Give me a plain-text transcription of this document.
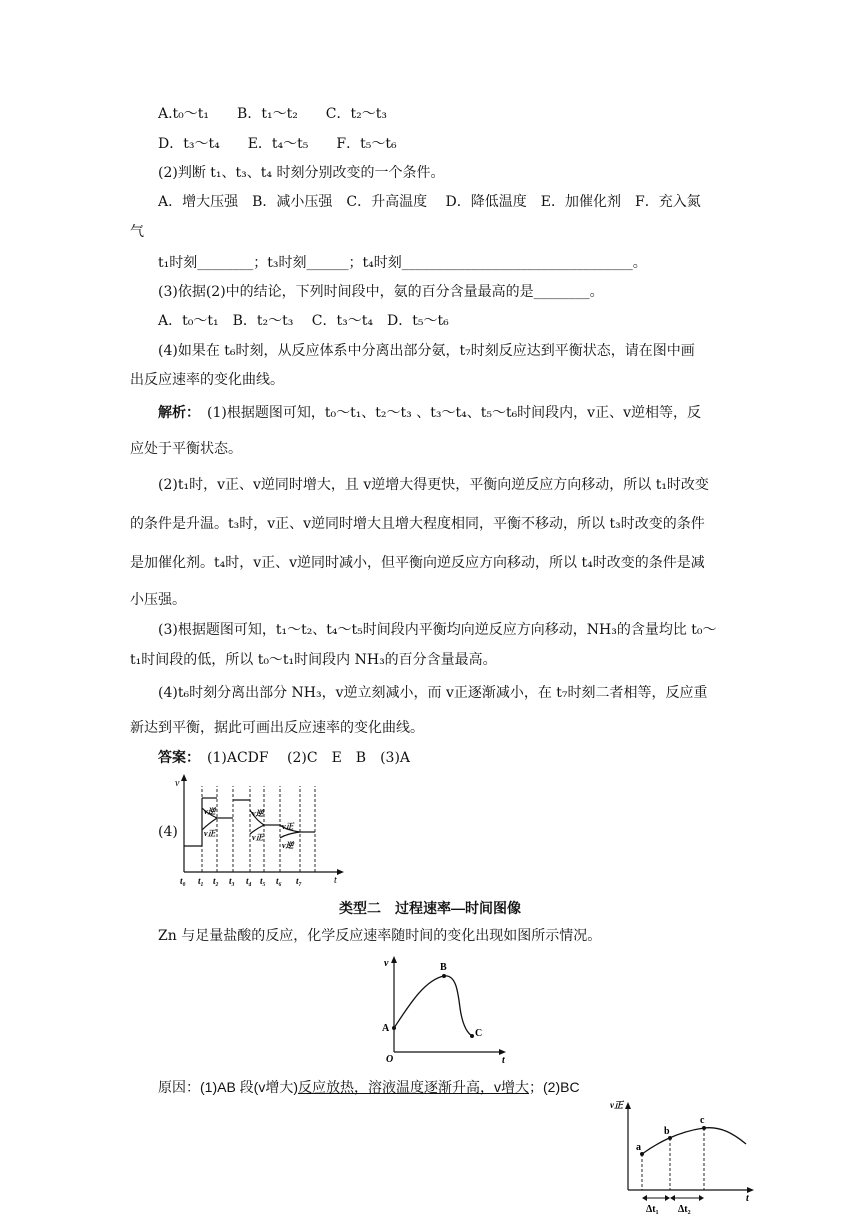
A.t₀～t₁　　B．t₁～t₂　　C．t₂～t₃
D．t₃～t₄　　E．t₄～t₅　　F．t₅～t₆
(2)判断 t₁、t₃、t₄ 时刻分别改变的一个条件。
A．增大压强　B．减小压强　C．升高温度　 D．降低温度　E．加催化剂　F．充入氮
气
t₁时刻________；t₃时刻______；t₄时刻_________________________________。
(3)依据(2)中的结论，下列时间段中，氨的百分含量最高的是________。
A．t₀～t₁　B．t₂～t₃　 C．t₃～t₄　D．t₅～t₆
(4)如果在 t₆时刻，从反应体系中分离出部分氨，t₇时刻反应达到平衡状态，请在图中画
出反应速率的变化曲线。
解析：　(1)根据题图可知，t₀～t₁、t₂～t₃ 、t₃～t₄、t₅～t₆时间段内，v正、v逆相等，反
应处于平衡状态。
(2)t₁时，v正、v逆同时增大，且 v逆增大得更快，平衡向逆反应方向移动，所以 t₁时改变
的条件是升温。t₃时，v正、v逆同时增大且增大程度相同，平衡不移动，所以 t₃时改变的条件
是加催化剂。t₄时，v正、v逆同时减小，但平衡向逆反应方向移动，所以 t₄时改变的条件是减
小压强。
(3)根据题图可知，t₁～t₂、t₄～t₅时间段内平衡均向逆反应方向移动，NH₃的含量均比 t₀～
t₁时间段的低，所以 t₀～t₁时间段内 NH₃的百分含量最高。
(4)t₆时刻分离出部分 NH₃，v逆立刻减小，而 v正逐渐减小，在 t₇时刻二者相等，反应重
新达到平衡，据此可画出反应速率的变化曲线。
答案：　(1)ACDF　 (2)C　E　B　(3)A
(4)
v
t
v逆
v正
v逆
v正
v正
v逆
t₀ t₁ t₂ t₃ t₄ t₅ t₆ t₇
类型二　过程速率—时间图像
Zn 与足量盐酸的反应，化学反应速率随时间的变化出现如图所示情况。
v
t
O
A
B
C
原因：(1)AB 段(v增大)反应放热，溶液温度逐渐升高，v增大；(2)BC
v正
t
a
b
c
Δt₁ Δt₂
